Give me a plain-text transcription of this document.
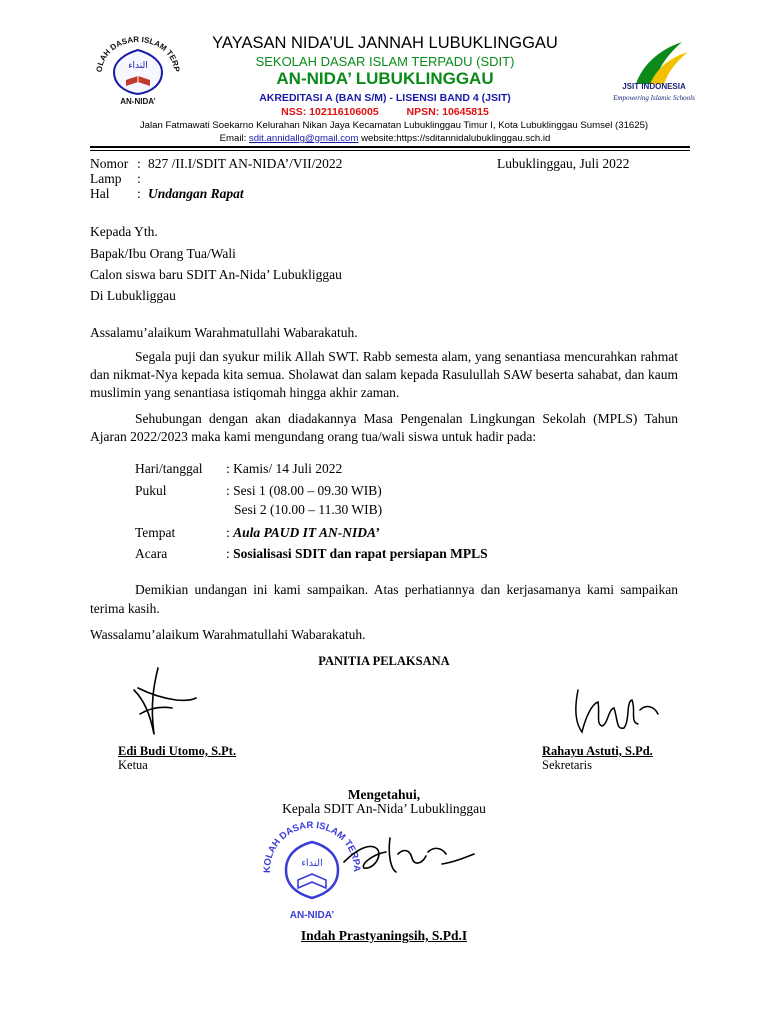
OLAH DASAR ISLAM TERP
النداء
AN-NIDA’
JSIT INDONESIA
Empowering Islamic Schools
YAYASAN NIDA’UL JANNAH LUBUKLINGGAU
SEKOLAH DASAR ISLAM TERPADU (SDIT)
AN-NIDA’ LUBUKLINGGAU
AKREDITASI A (BAN S/M) - LISENSI BAND 4 (JSIT)
NSS: 102116106005	NPSN: 10645815
Jalan Fatmawati Soekarno Kelurahan Nikan Jaya Kecamatan Lubuklinggau Timur I, Kota Lubuklinggau Sumsel (31625)
Email: sdit.annidallg@gmail.com website:https://sditannidalubuklinggau.sch.id
Nomor : 827 /II.I/SDIT AN-NIDA’/VII/2022	Lubuklinggau, Juli 2022
Lamp :
Hal : Undangan Rapat
Kepada Yth.
Bapak/Ibu Orang Tua/Wali
Calon siswa baru SDIT An-Nida’ Lubukliggau
Di Lubukliggau
Assalamu’alaikum Warahmatullahi Wabarakatuh.
Segala puji dan syukur milik Allah SWT. Rabb semesta alam, yang senantiasa mencurahkan rahmat dan nikmat-Nya kepada kita semua. Sholawat dan salam kepada Rasulullah SAW beserta sahabat, dan kaum muslimin yang senantiasa istiqomah hingga akhir zaman.
Sehubungan dengan akan diadakannya Masa Pengenalan Lingkungan Sekolah (MPLS) Tahun Ajaran 2022/2023 maka kami mengundang orang tua/wali siswa untuk hadir pada:
Hari/tanggal : Kamis/ 14 Juli 2022
Pukul	: Sesi 1 (08.00 – 09.30 WIB)
Sesi 2 (10.00 – 11.30 WIB)
Tempat	: Aula PAUD IT AN-NIDA’
Acara	: Sosialisasi SDIT dan rapat persiapan MPLS
Demikian undangan ini kami sampaikan. Atas perhatiannya dan kerjasamanya kami sampaikan terima kasih.
Wassalamu’alaikum Warahmatullahi Wabarakatuh.
PANITIA PELAKSANA
Edi Budi Utomo, S.Pt.
Ketua
Rahayu Astuti, S.Pd.
Sekretaris
Mengetahui,
Kepala SDIT An-Nida’ Lubuklinggau
KOLAH DASAR ISLAM TERPA
النداء
AN-NIDA’
Indah Prastyaningsih, S.Pd.I
